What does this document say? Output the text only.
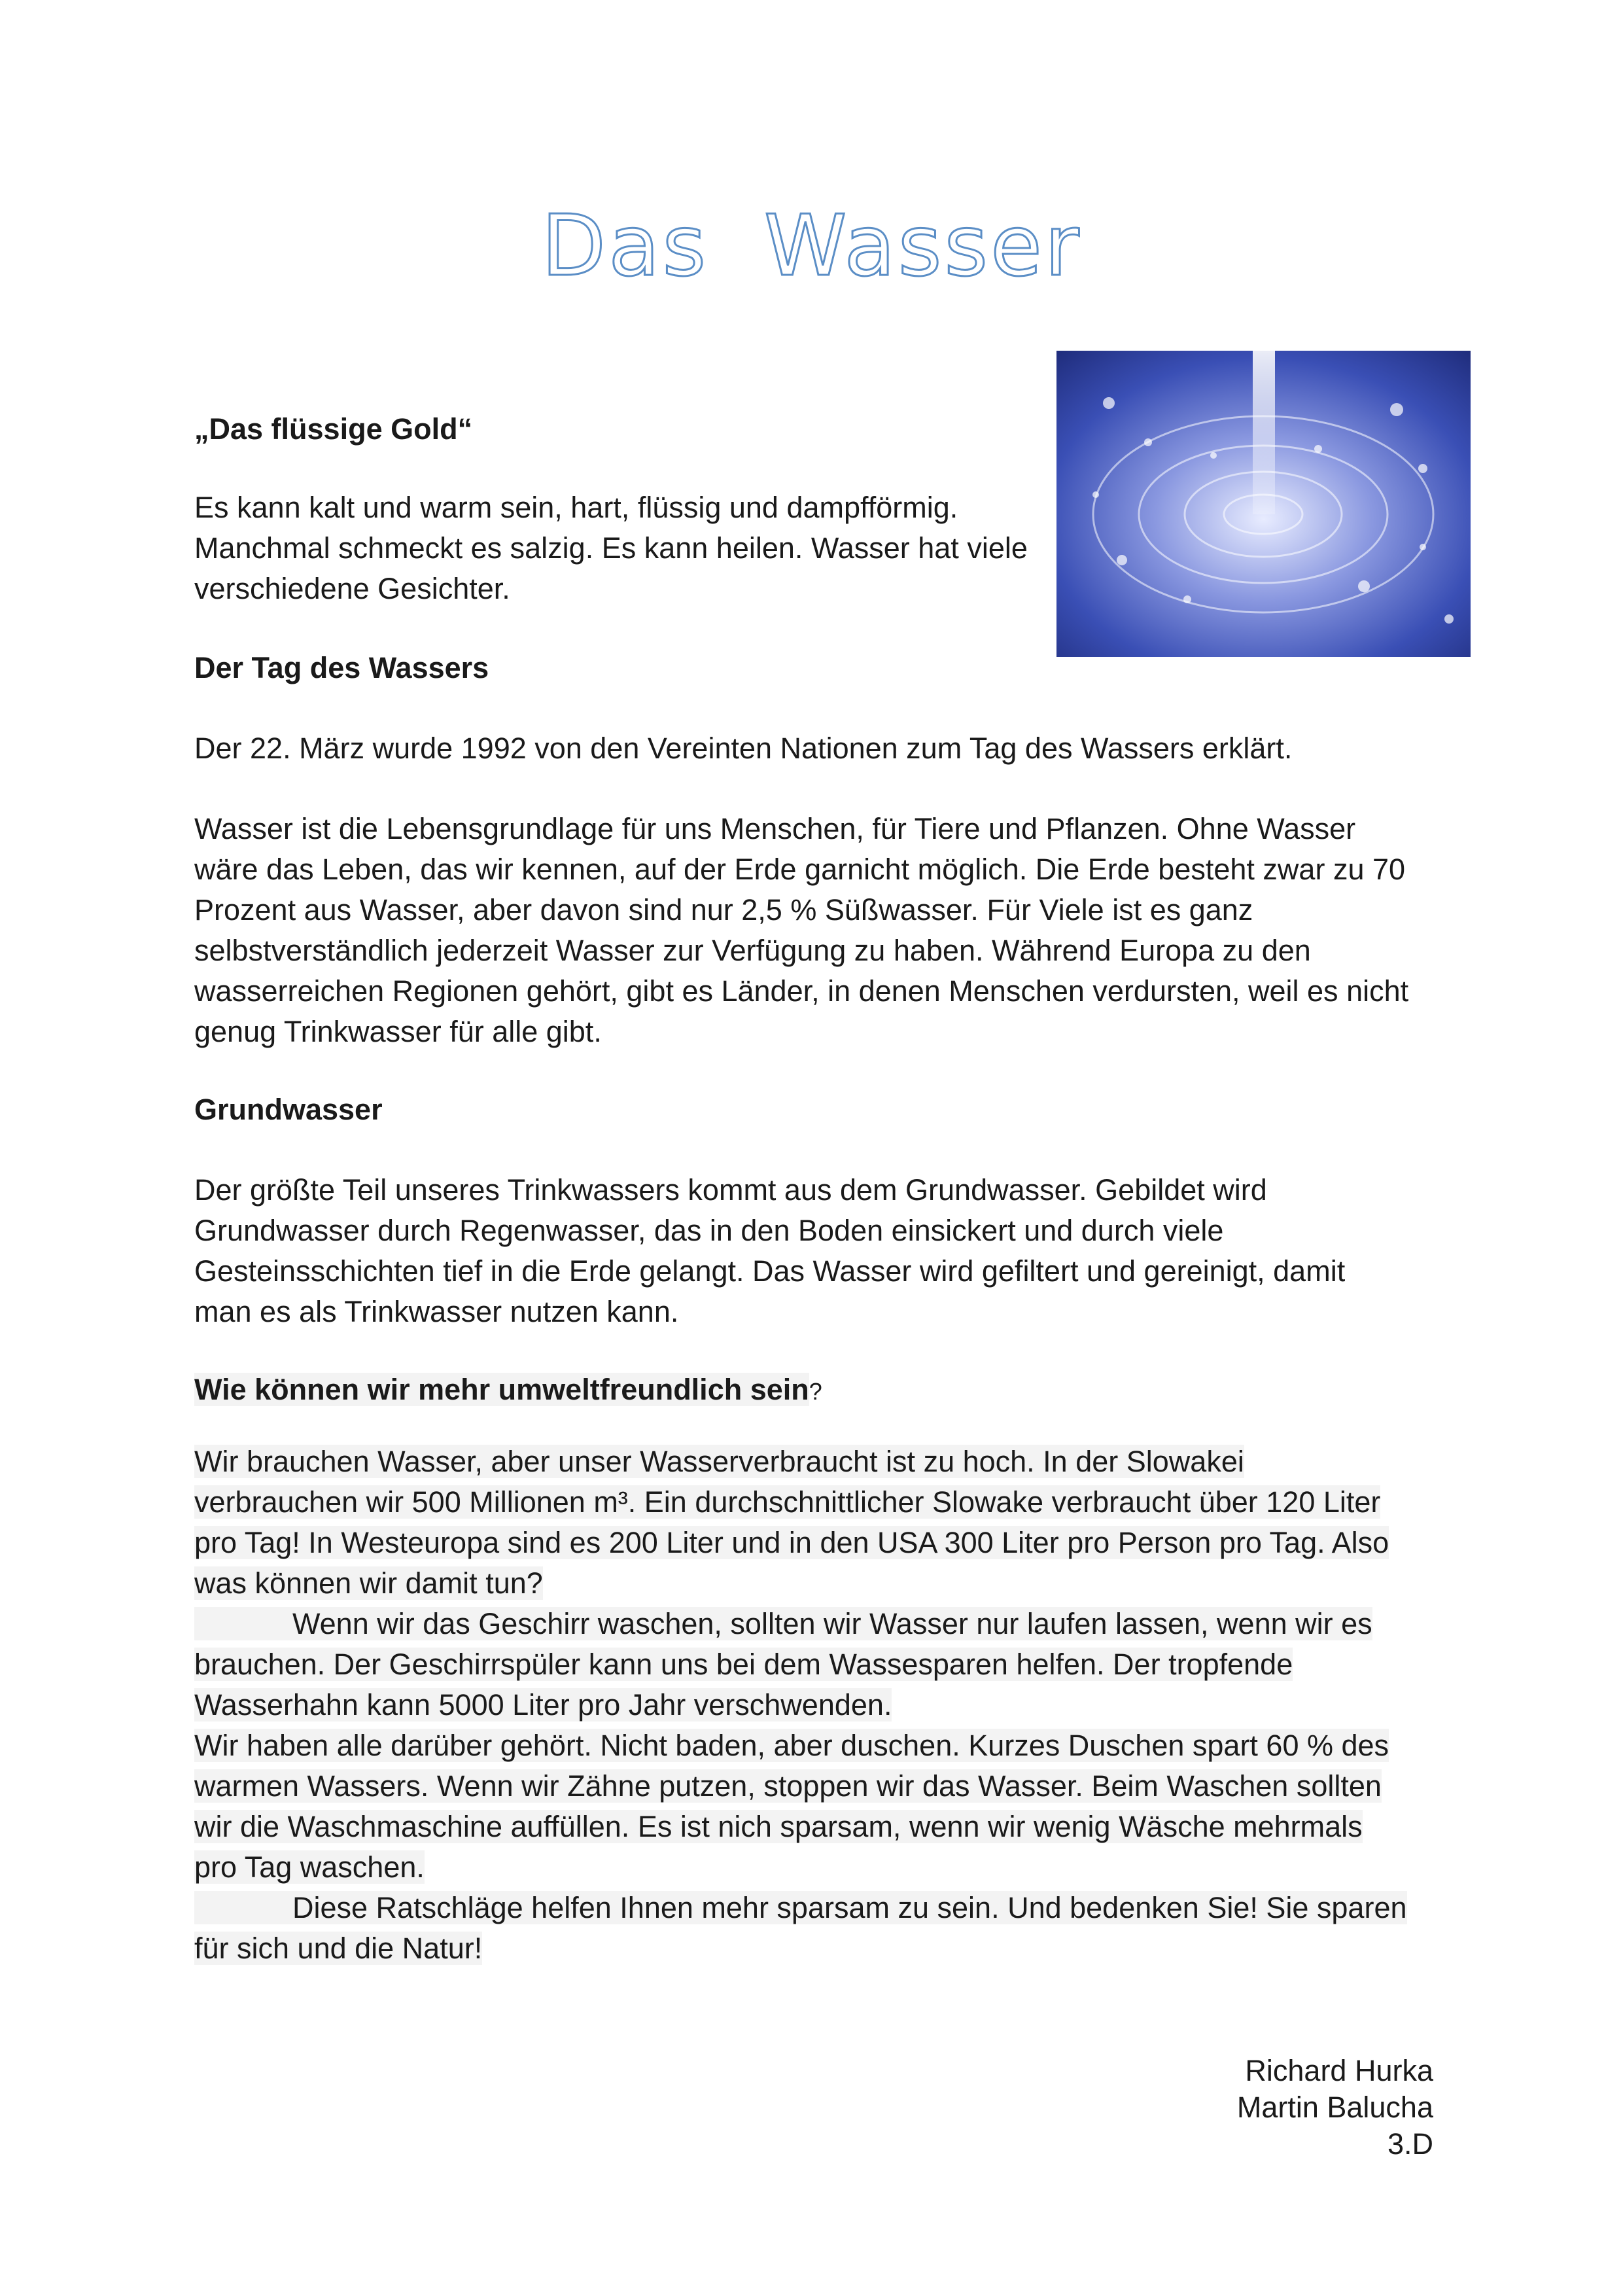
Das Wasser

„Das flüssige Gold“

Es kann kalt und warm sein, hart, flüssig und dampfförmig.
Manchmal schmeckt es salzig. Es kann heilen. Wasser hat viele
verschiedene Gesichter.

Der Tag des Wassers

Der 22. März wurde 1992 von den Vereinten Nationen zum Tag des Wassers erklärt.

Wasser ist die Lebensgrundlage für uns Menschen, für Tiere und Pflanzen. Ohne Wasser
wäre das Leben, das wir kennen, auf der Erde garnicht möglich. Die Erde besteht zwar zu 70
Prozent aus Wasser, aber davon sind nur 2,5 % Süßwasser. Für Viele ist es ganz
selbstverständlich jederzeit Wasser zur Verfügung zu haben. Während Europa zu den
wasserreichen Regionen gehört, gibt es Länder, in denen Menschen verdursten, weil es nicht
genug Trinkwasser für alle gibt.

Grundwasser

Der größte Teil unseres Trinkwassers kommt aus dem Grundwasser. Gebildet wird
Grundwasser durch Regenwasser, das in den Boden einsickert und durch viele
Gesteinsschichten tief in die Erde gelangt. Das Wasser wird gefiltert und gereinigt, damit
man es als Trinkwasser nutzen kann.

Wie können wir mehr umweltfreundlich sein?

Wir brauchen Wasser, aber unser Wasserverbraucht ist zu hoch. In der Slowakei
verbrauchen wir 500 Millionen m³. Ein durchschnittlicher Slowake verbraucht über 120 Liter
pro Tag! In Westeuropa sind es 200 Liter und in den USA 300 Liter pro Person pro Tag. Also
was können wir damit tun?
Wenn wir das Geschirr waschen, sollten wir Wasser nur laufen lassen, wenn wir es
brauchen. Der Geschirrspüler kann uns bei dem Wassesparen helfen. Der tropfende
Wasserhahn kann 5000 Liter pro Jahr verschwenden.
Wir haben alle darüber gehört. Nicht baden, aber duschen. Kurzes Duschen spart 60 % des
warmen Wassers. Wenn wir Zähne putzen, stoppen wir das Wasser. Beim Waschen sollten
wir die Waschmaschine auffüllen. Es ist nich sparsam, wenn wir wenig Wäsche mehrmals
pro Tag waschen.
Diese Ratschläge helfen Ihnen mehr sparsam zu sein. Und bedenken Sie! Sie sparen
für sich und die Natur!
Richard Hurka
Martin Balucha
3.D
